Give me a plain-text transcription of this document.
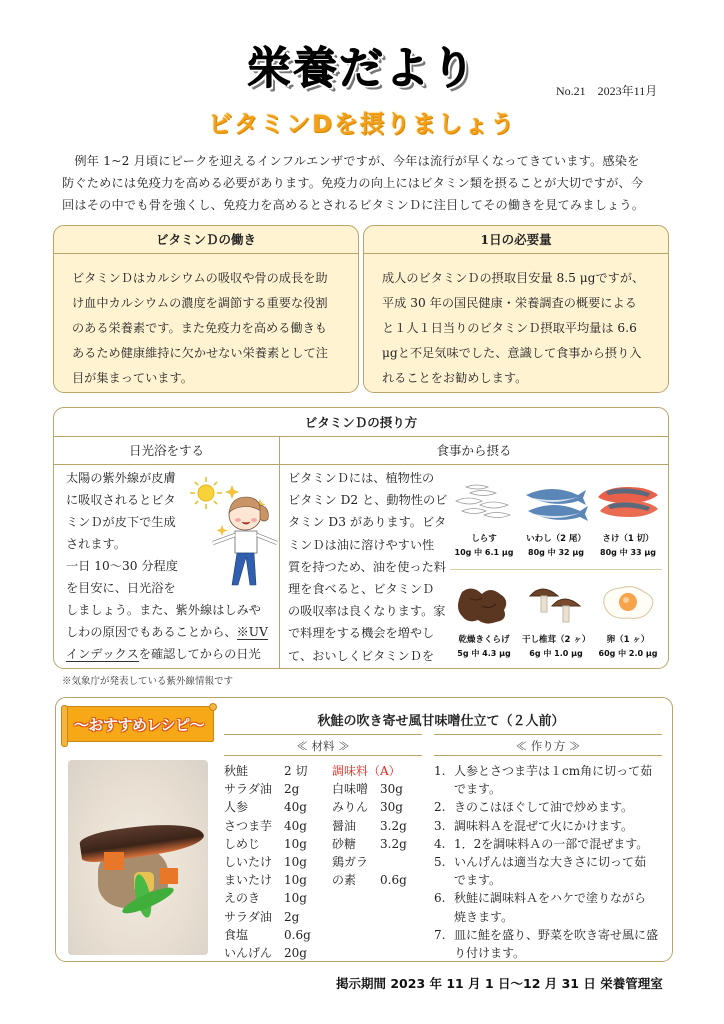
栄養だより	No.21　2023年11月
ビタミンDを摂りましょう
　例年 1~2 月頃にピークを迎えるインフルエンザですが、今年は流行が早くなってきています。感染を
防ぐためには免疫力を高める必要があります。免疫力の向上にはビタミン類を摂ることが大切ですが、今
回はその中でも骨を強くし、免疫力を高めるとされるビタミンＤに注目してその働きを見てみましょう。
ビタミンＤの働き
ビタミンＤはカルシウムの吸収や骨の成長を助
け血中カルシウムの濃度を調節する重要な役割
のある栄養素です。また免疫力を高める働きも
あるため健康維持に欠かせない栄養素として注
目が集まっています。
1日の必要量
成人のビタミンＤの摂取目安量 8.5 μgですが、
平成 30 年の国民健康・栄養調査の概要による
と１人１日当りのビタミンＤ摂取平均量は 6.6
μgと不足気味でした、意識して食事から摂り入
れることをお勧めします。
ビタミンＤの摂り方
日光浴をする	食事から摂る
太陽の紫外線が皮膚
に吸収されるとビタ
ミンＤが皮下で生成
されます。
一日 10～30 分程度
を目安に、日光浴を
しましょう。また、紫外線はしみや
しわの原因でもあることから、※UV
インデックスを確認してからの日光
ビタミンＤには、植物性の
ビタミン D2 と、動物性のビ
タミン D3 があります。ビタ
ミンＤは油に溶けやすい性
質を持つため、油を使った料
理を食べると、ビタミンＤ
の吸収率は良くなります。家
で料理をする機会を増やし
て、おいしくビタミンＤを
しらす
10g 中 6.1 μg
いわし（2 尾）
80g 中 32 μg
さけ（1 切）
80g 中 33 μg
乾燥きくらげ
5g 中 4.3 μg
干し椎茸（2 ヶ）
6g 中 1.0 μg
卵（1 ヶ）
60g 中 2.0 μg
※気象庁が発表している紫外線情報です
～おすすめレシピ～	秋鮭の吹き寄せ風甘味噌仕立て（２人前）
≪ 材料 ≫	≪ 作り方 ≫
秋鮭	2 切
サラダ油	2g
人参	40g
さつま芋 40g
しめじ	10g
しいたけ 10g
まいたけ 10g
えのき	10g
サラダ油	2g
食塩	0.6g
いんげん 20g
調味料（A）
白味噌 30g
みりん 30g
醤油	3.2g
砂糖	3.2g
鶏ガラ
の素	0.6g
1. 人参とさつま芋は１cm角に切って茹
でます。
2. きのこはほぐして油で炒めます。
3. 調味料Ａを混ぜて火にかけます。
4. 1．2を調味料Ａの一部で混ぜます。
5. いんげんは適当な大きさに切って茹
でます。
6. 秋鮭に調味料Ａをハケで塗りながら
焼きます。
7. 皿に鮭を盛り、野菜を吹き寄せ風に盛
り付けます。
掲示期間 2023 年 11 月 1 日～12 月 31 日 栄養管理室
